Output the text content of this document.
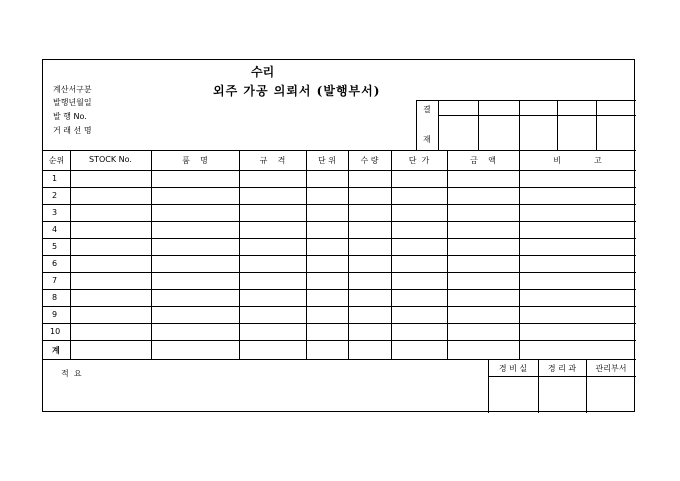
수리
외주 가공 의뢰서 (발행부서)
계산서구분
발행년월일
발 행 No.
거 래 선 명
결
재
순위	STOCK No.	품    명	규    격	단 위	수 량	단  가	금    액	비             고
1
2
3
4
5
6
7
8
9
10
계
적  요
경 비 실	경 리 과	관리부서
